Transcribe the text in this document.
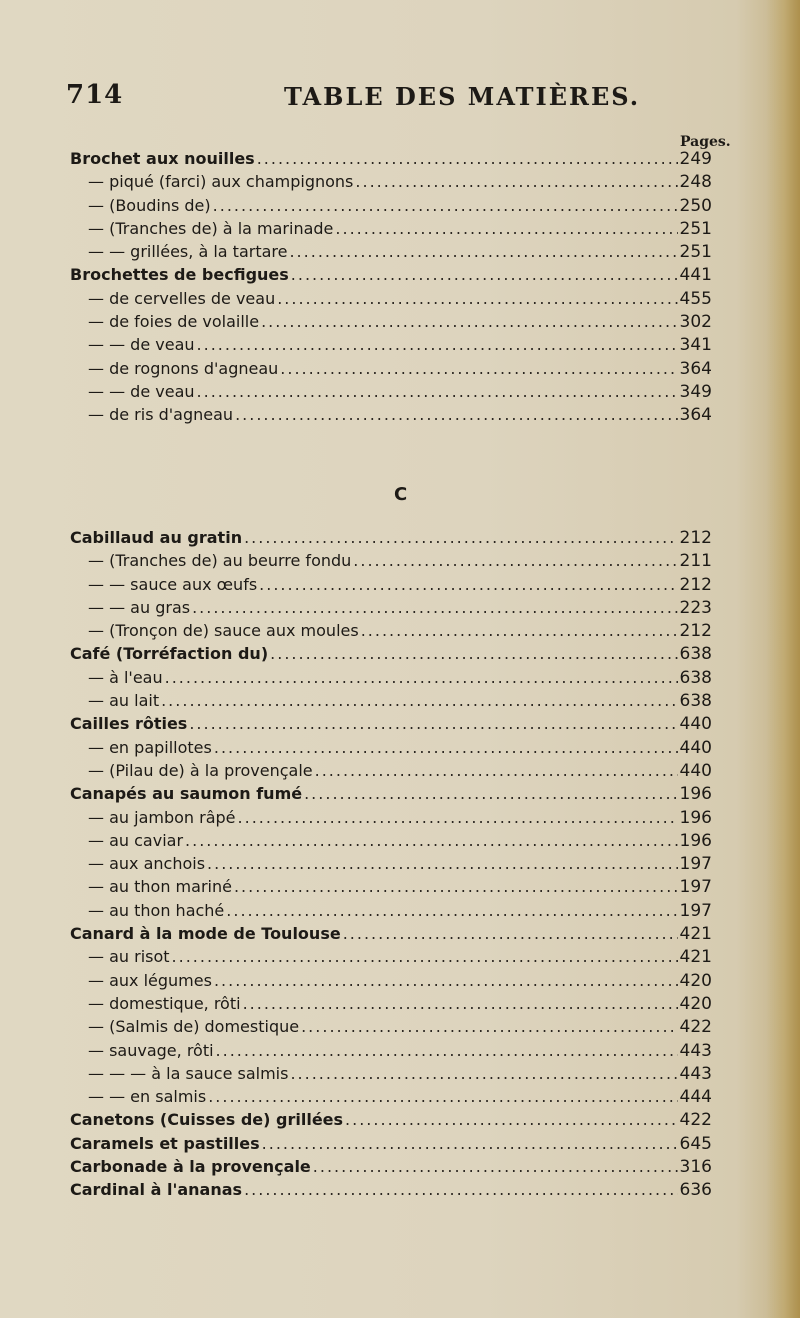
714	TABLE DES MATIÈRES.
Pages.
Brochet aux nouilles .....	249
— piqué (farci) aux champignons .....	248
— (Boudins de) .....	250
— (Tranches de) à la marinade .....	251
— — grillées, à la tartare .....	251
Brochettes de becfigues .....	441
— de cervelles de veau .....	455
— de foies de volaille .....	302
— — de veau .....	341
— de rognons d'agneau .....	364
— — de veau .....	349
— de ris d'agneau .....	364
C
Cabillaud au gratin .....	212
— (Tranches de) au beurre fondu .....	211
— — sauce aux œufs .....	212
— — au gras .....	223
— (Tronçon de) sauce aux moules .....	212
Café (Torréfaction du) .....	638
— à l'eau .....	638
— au lait .....	638
Cailles rôties .....	440
— en papillotes .....	440
— (Pilau de) à la provençale .....	440
Canapés au saumon fumé .....	196
— au jambon râpé .....	196
— au caviar .....	196
— aux anchois .....	197
— au thon mariné .....	197
— au thon haché .....	197
Canard à la mode de Toulouse .....	421
— au risot .....	421
— aux légumes .....	420
— domestique, rôti .....	420
— (Salmis de) domestique .....	422
— sauvage, rôti .....	443
— — — à la sauce salmis .....	443
— — en salmis .....	444
Canetons (Cuisses de) grillées .....	422
Caramels et pastilles .....	645
Carbonade à la provençale .....	316
Cardinal à l'ananas .....	636
